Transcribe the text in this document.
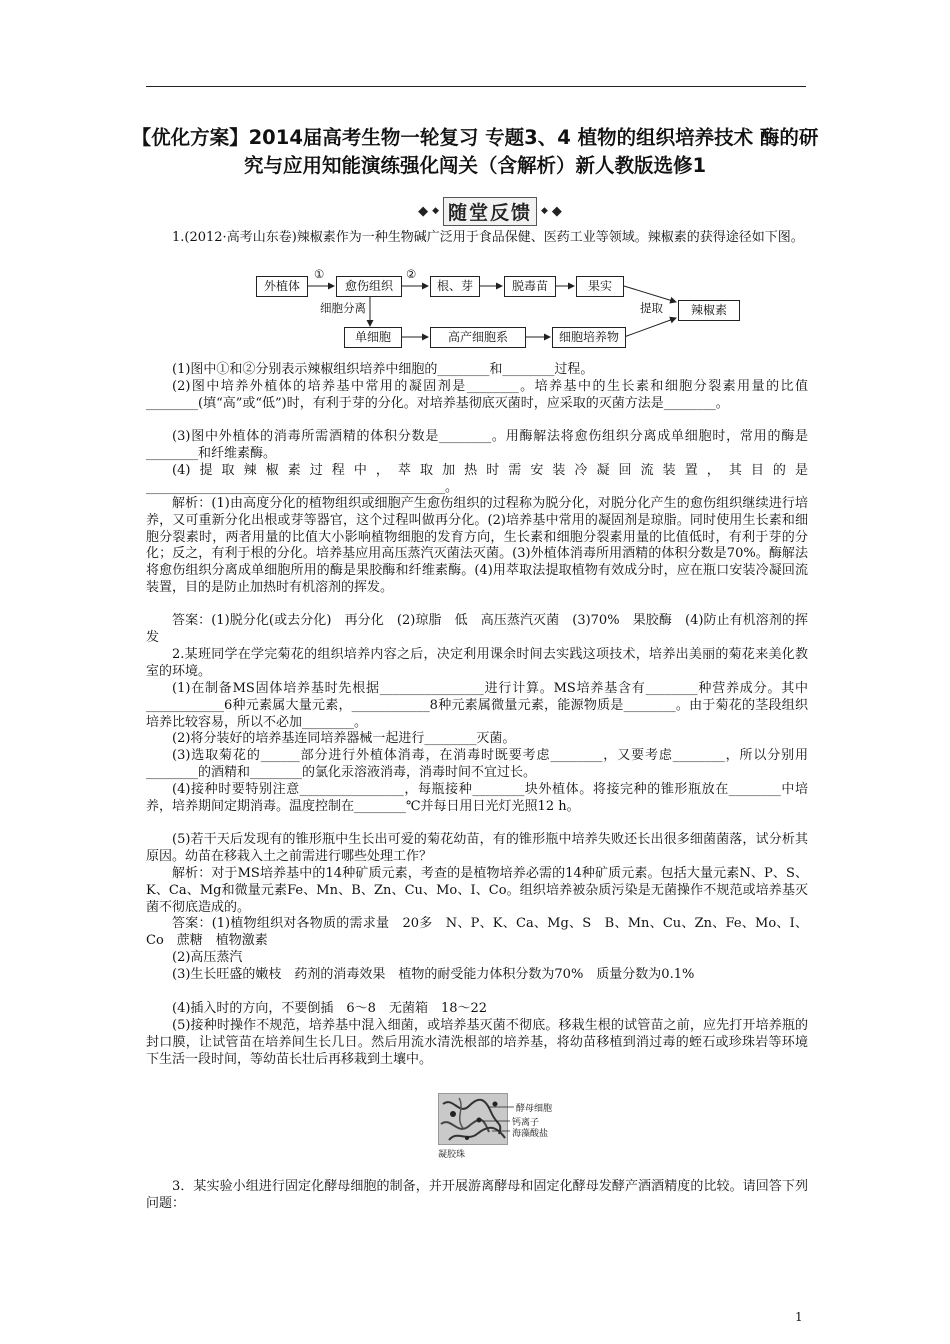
【优化方案】2014届高考生物一轮复习 专题3、4 植物的组织培养技术 酶的研究与应用知能演练强化闯关（含解析）新人教版选修1
◆ ◆ 随堂反馈	◆ ◆

1.(2012·高考山东卷)辣椒素作为一种生物碱广泛用于食品保健、医药工业等领域。辣椒素的获得途径如下图。

外植体
①
愈伤组织
②
根、芽	脱毒苗	果实
细胞分离	提取	辣椒素
单细胞	高产细胞系	细胞培养物

(1)图中①和②分别表示辣椒组织培养中细胞的________和________过程。

(2)图中培养外植体的培养基中常用的凝固剂是________。培养基中的生长素和细胞分裂素用量的比值________(填“高”或“低”)时，有利于芽的分化。对培养基彻底灭菌时，应采取的灭菌方法是________。

(3)图中外植体的消毒所需酒精的体积分数是________。用酶解法将愈伤组织分离成单细胞时，常用的酶是________和纤维素酶。

(4)提取辣椒素过程中，萃取加热时需安装冷凝回流装置，其目的是______________________________________________。

解析：(1)由高度分化的植物组织或细胞产生愈伤组织的过程称为脱分化，对脱分化产生的愈伤组织继续进行培养，又可重新分化出根或芽等器官，这个过程叫做再分化。(2)培养基中常用的凝固剂是琼脂。同时使用生长素和细胞分裂素时，两者用量的比值大小影响植物细胞的发育方向，生长素和细胞分裂素用量的比值低时，有利于芽的分化；反之，有利于根的分化。培养基应用高压蒸汽灭菌法灭菌。(3)外植体消毒所用酒精的体积分数是70%。酶解法将愈伤组织分离成单细胞所用的酶是果胶酶和纤维素酶。(4)用萃取法提取植物有效成分时，应在瓶口安装冷凝回流装置，目的是防止加热时有机溶剂的挥发。

答案：(1)脱分化(或去分化)　再分化　(2)琼脂　低　高压蒸汽灭菌　(3)70%　果胶酶　(4)防止有机溶剂的挥发

2.某班同学在学完菊花的组织培养内容之后，决定利用课余时间去实践这项技术，培养出美丽的菊花来美化教室的环境。

(1)在制备MS固体培养基时先根据________________进行计算。MS培养基含有________种营养成分。其中____________6种元素属大量元素，____________8种元素属微量元素，能源物质是________。由于菊花的茎段组织培养比较容易，所以不必加________。

(2)将分装好的培养基连同培养器械一起进行________灭菌。

(3)选取菊花的______部分进行外植体消毒，在消毒时既要考虑________，又要考虑________，所以分别用________的酒精和________的氯化汞溶液消毒，消毒时间不宜过长。

(4)接种时要特别注意________________，每瓶接种________块外植体。将接完种的锥形瓶放在________中培养，培养期间定期消毒。温度控制在________℃并每日用日光灯光照12 h。

(5)若干天后发现有的锥形瓶中生长出可爱的菊花幼苗，有的锥形瓶中培养失败还长出很多细菌菌落，试分析其原因。幼苗在移栽入土之前需进行哪些处理工作？

解析：对于MS培养基中的14种矿质元素，考查的是植物培养必需的14种矿质元素。包括大量元素N、P、S、K、Ca、Mg和微量元素Fe、Mn、B、Zn、Cu、Mo、I、Co。组织培养被杂质污染是无菌操作不规范或培养基灭菌不彻底造成的。

答案：(1)植物组织对各物质的需求量　20多　N、P、K、Ca、Mg、S　B、Mn、Cu、Zn、Fe、Mo、I、Co　蔗糖　植物激素

(2)高压蒸汽

(3)生长旺盛的嫩枝　药剂的消毒效果　植物的耐受能力体积分数为70%　质量分数为0.1%

(4)插入时的方向，不要倒插　6～8　无菌箱　18～22

(5)接种时操作不规范，培养基中混入细菌，或培养基灭菌不彻底。移栽生根的试管苗之前，应先打开培养瓶的封口膜，让试管苗在培养间生长几日。然后用流水清洗根部的培养基，将幼苗移植到消过毒的蛭石或珍珠岩等环境下生活一段时间，等幼苗长壮后再移栽到土壤中。

酵母细胞
钙离子
海藻酸盐
凝胶珠

3．某实验小组进行固定化酵母细胞的制备，并开展游离酵母和固定化酵母发酵产酒酒精度的比较。请回答下列问题：

1
